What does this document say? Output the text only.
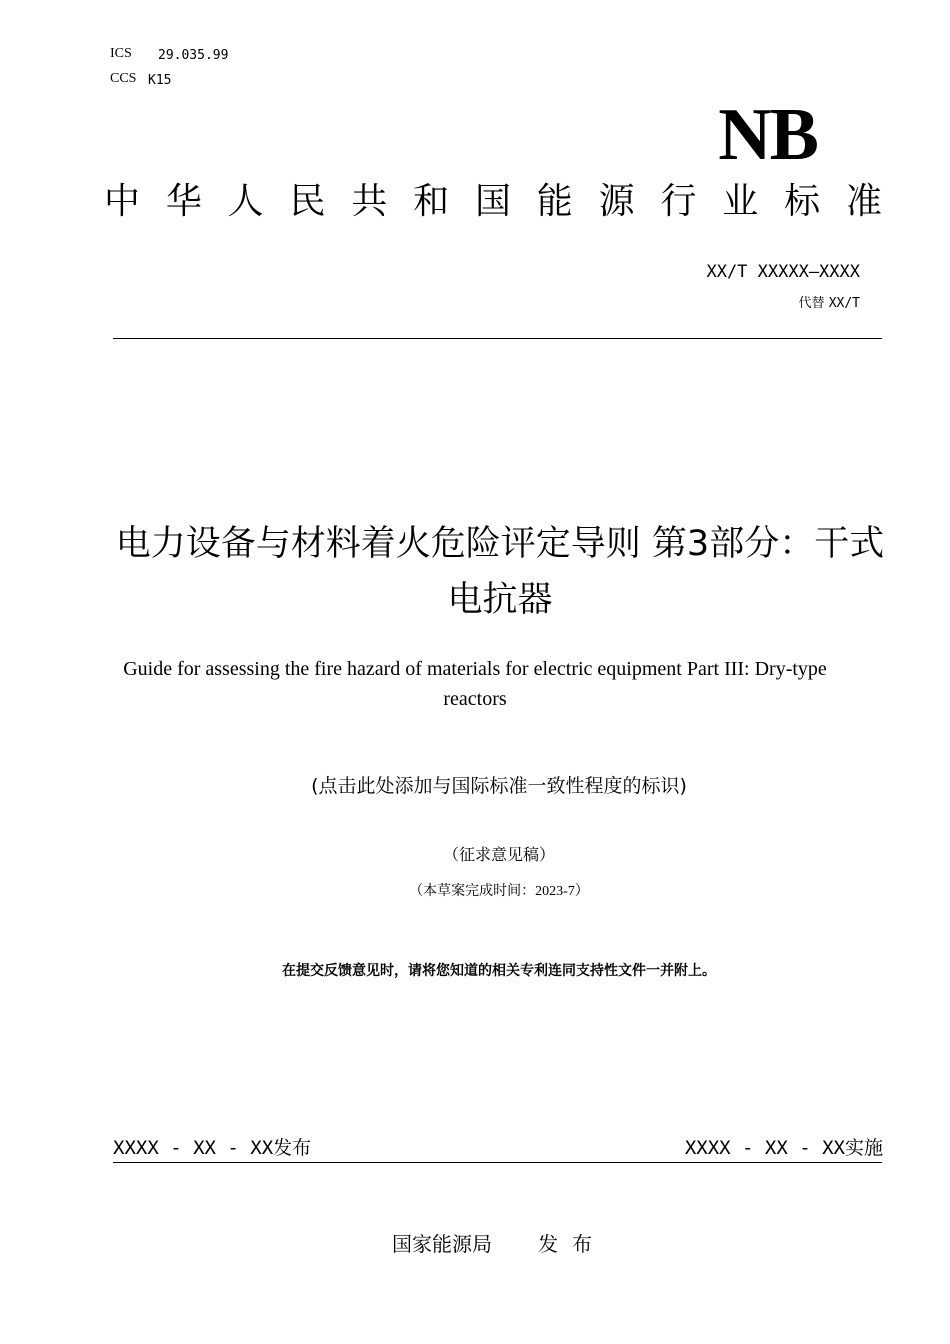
ICS 29.035.99
CCS K15
NB
中 华 人 民 共 和 国 能 源 行 业 标 准
XX/T XXXXX—XXXX
代替 XX/T
电力设备与材料着火危险评定导则 第3部分：干式电抗器
Guide for assessing the fire hazard of materials for electric equipment Part III: Dry-type reactors
(点击此处添加与国际标准一致性程度的标识)
（征求意见稿）
（本草案完成时间：2023-7）
在提交反馈意见时，请将您知道的相关专利连同支持性文件一并附上。
XXXX - XX - XX发布	XXXX - XX - XX实施
国家能源局 发布
